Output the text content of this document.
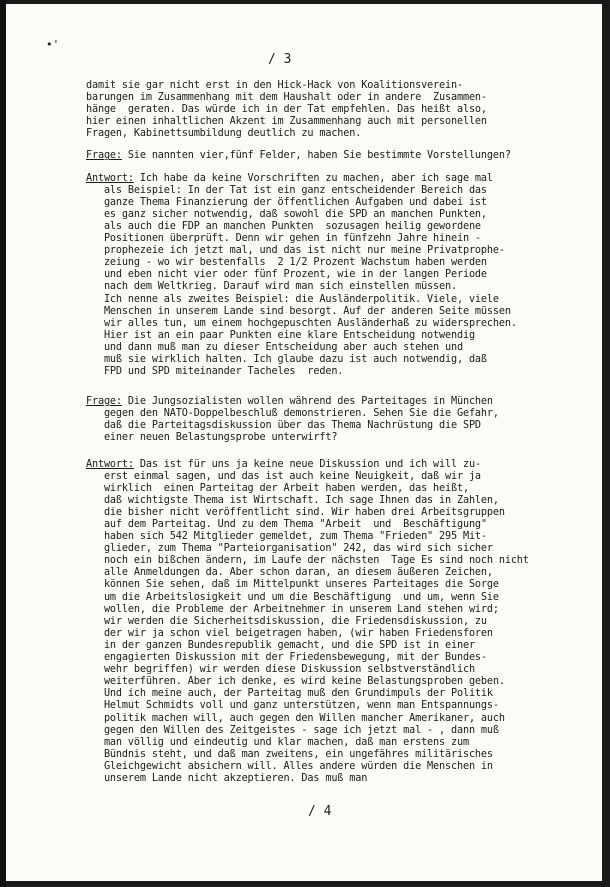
•'
/ 3
damit sie gar nicht erst in den Hick-Hack von Koalitionsverein-
barungen im Zusammenhang mit dem Haushalt oder in andere  Zusammen-
hänge  geraten. Das würde ich in der Tat empfehlen. Das heißt also,
hier einen inhaltlichen Akzent im Zusammenhang auch mit personellen
Fragen, Kabinettsumbildung deutlich zu machen.
Frage: Sie nannten vier,fünf Felder, haben Sie bestimmte Vorstellungen?
Antwort: Ich habe da keine Vorschriften zu machen, aber ich sage mal
als Beispiel: In der Tat ist ein ganz entscheidender Bereich das
ganze Thema Finanzierung der öffentlichen Aufgaben und dabei ist
es ganz sicher notwendig, daß sowohl die SPD an manchen Punkten,
als auch die FDP an manchen Punkten  sozusagen heilig gewordene
Positionen überprüft. Denn wir gehen in fünfzehn Jahre hinein -
prophezeie ich jetzt mal, und das ist nicht nur meine Privatprophe-
zeiung - wo wir bestenfalls  2 1/2 Prozent Wachstum haben werden
und eben nicht vier oder fünf Prozent, wie in der langen Periode
nach dem Weltkrieg. Darauf wird man sich einstellen müssen.
Ich nenne als zweites Beispiel: die Ausländerpolitik. Viele, viele
Menschen in unserem Lande sind besorgt. Auf der anderen Seite müssen
wir alles tun, um einem hochgepuschten Ausländerhaß zu widersprechen.
Hier ist an ein paar Punkten eine klare Entscheidung notwendig
und dann muß man zu dieser Entscheidung aber auch stehen und
muß sie wirklich halten. Ich glaube dazu ist auch notwendig, daß
FPD und SPD miteinander Tacheles  reden.
Frage: Die Jungsozialisten wollen während des Parteitages in München
gegen den NATO-Doppelbeschluß demonstrieren. Sehen Sie die Gefahr,
daß die Parteitagsdiskussion über das Thema Nachrüstung die SPD
einer neuen Belastungsprobe unterwirft?
Antwort: Das ist für uns ja keine neue Diskussion und ich will zu-
erst einmal sagen, und das ist auch keine Neuigkeit, daß wir ja
wirklich  einen Parteitag der Arbeit haben werden, das heißt,
daß wichtigste Thema ist Wirtschaft. Ich sage Ihnen das in Zahlen,
die bisher nicht veröffentlicht sind. Wir haben drei Arbeitsgruppen
auf dem Parteitag. Und zu dem Thema "Arbeit  und  Beschäftigung"
haben sich 542 Mitglieder gemeldet, zum Thema "Frieden" 295 Mit-
glieder, zum Thema "Parteiorganisation" 242, das wird sich sicher
noch ein bißchen ändern, im Laufe der nächsten  Tage Es sind noch nicht
alle Anmeldungen da. Aber schon daran, an diesem äußeren Zeichen,
können Sie sehen, daß im Mittelpunkt unseres Parteitages die Sorge
um die Arbeitslosigkeit und um die Beschäftigung  und um, wenn Sie
wollen, die Probleme der Arbeitnehmer in unserem Land stehen wird;
wir werden die Sicherheitsdiskussion, die Friedensdiskussion, zu
der wir ja schon viel beigetragen haben, (wir haben Friedensforen
in der ganzen Bundesrepublik gemacht, und die SPD ist in einer
engagierten Diskussion mit der Friedensbewegung, mit der Bundes-
wehr begriffen) wir werden diese Diskussion selbstverständlich
weiterführen. Aber ich denke, es wird keine Belastungsproben geben.
Und ich meine auch, der Parteitag muß den Grundimpuls der Politik
Helmut Schmidts voll und ganz unterstützen, wenn man Entspannungs-
politik machen will, auch gegen den Willen mancher Amerikaner, auch
gegen den Willen des Zeitgeistes - sage ich jetzt mal - , dann muß
man völlig und eindeutig und klar machen, daß man erstens zum
Bündnis steht, und daß man zweitens, ein ungefähres militärisches
Gleichgewicht absichern will. Alles andere würden die Menschen in
unserem Lande nicht akzeptieren. Das muß man
/ 4
